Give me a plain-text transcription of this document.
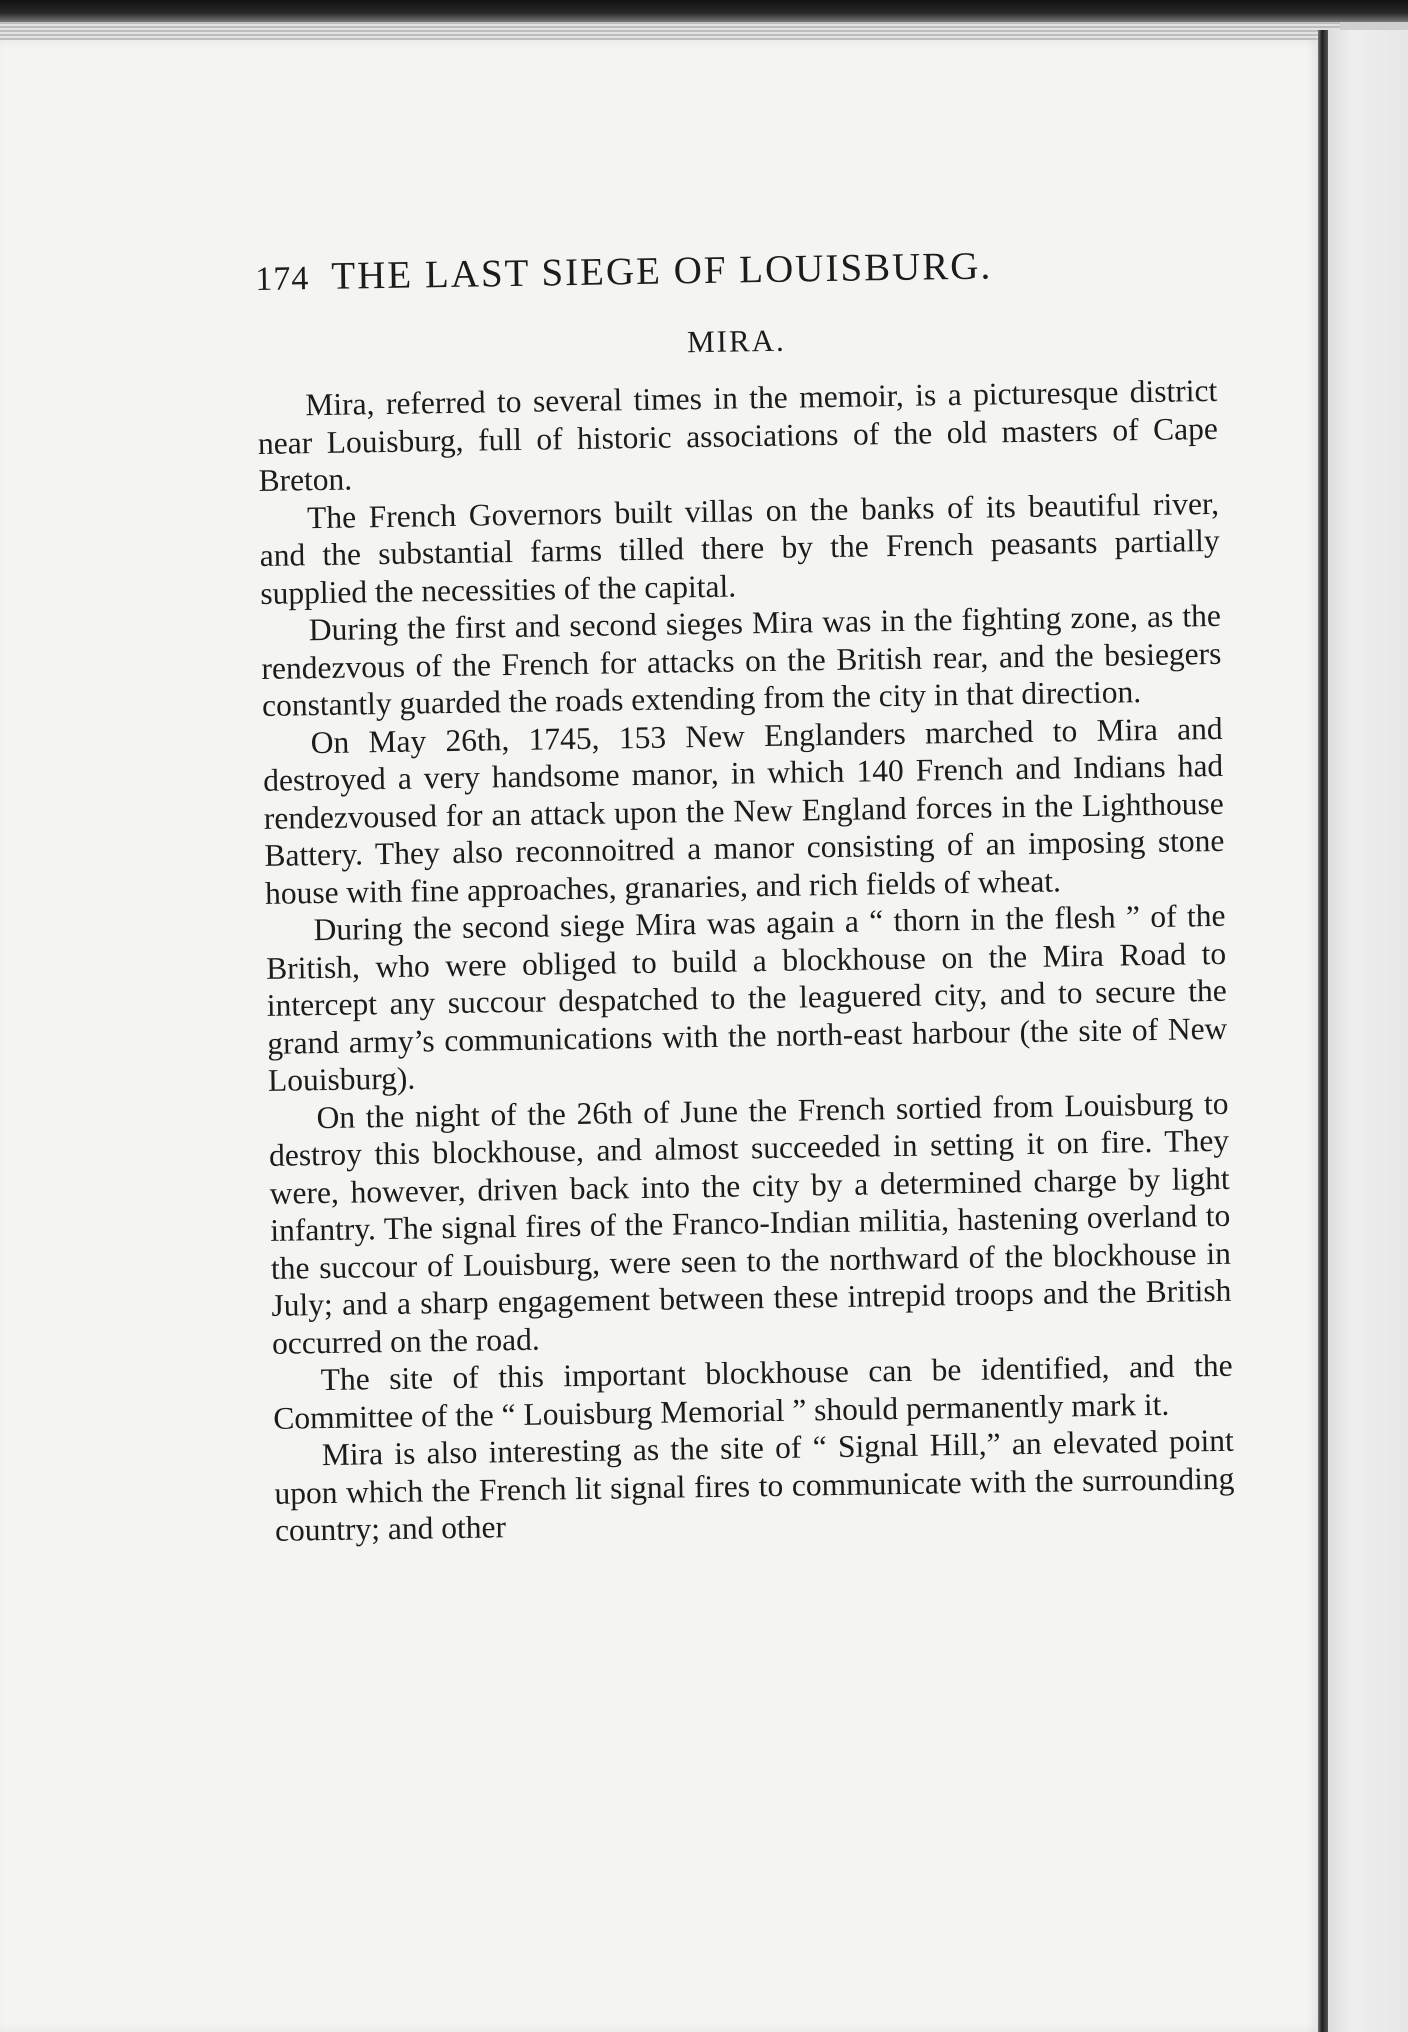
174 THE LAST SIEGE OF LOUISBURG.
MIRA.

Mira, referred to several times in the memoir, is a picturesque district near Louisburg, full of historic associations of the old masters of Cape Breton.

The French Governors built villas on the banks of its beautiful river, and the substantial farms tilled there by the French peasants partially supplied the necessities of the capital.

During the first and second sieges Mira was in the fighting zone, as the rendezvous of the French for attacks on the British rear, and the besiegers constantly guarded the roads extending from the city in that direction.

On May 26th, 1745, 153 New Englanders marched to Mira and destroyed a very handsome manor, in which 140 French and Indians had rendezvoused for an attack upon the New England forces in the Lighthouse Battery. They also reconnoitred a manor consisting of an imposing stone house with fine approaches, granaries, and rich fields of wheat.

During the second siege Mira was again a “ thorn in the flesh ” of the British, who were obliged to build a blockhouse on the Mira Road to intercept any succour despatched to the leaguered city, and to secure the grand army’s communications with the north-east harbour (the site of New Louisburg).

On the night of the 26th of June the French sortied from Louisburg to destroy this blockhouse, and almost succeeded in setting it on fire. They were, however, driven back into the city by a determined charge by light infantry. The signal fires of the Franco-Indian militia, hastening overland to the succour of Louisburg, were seen to the northward of the blockhouse in July; and a sharp engagement between these intrepid troops and the British occurred on the road.

The site of this important blockhouse can be identified, and the Committee of the “ Louisburg Memorial ” should permanently mark it.

Mira is also interesting as the site of “ Signal Hill,” an elevated point upon which the French lit signal fires to communicate with the surrounding country; and other
